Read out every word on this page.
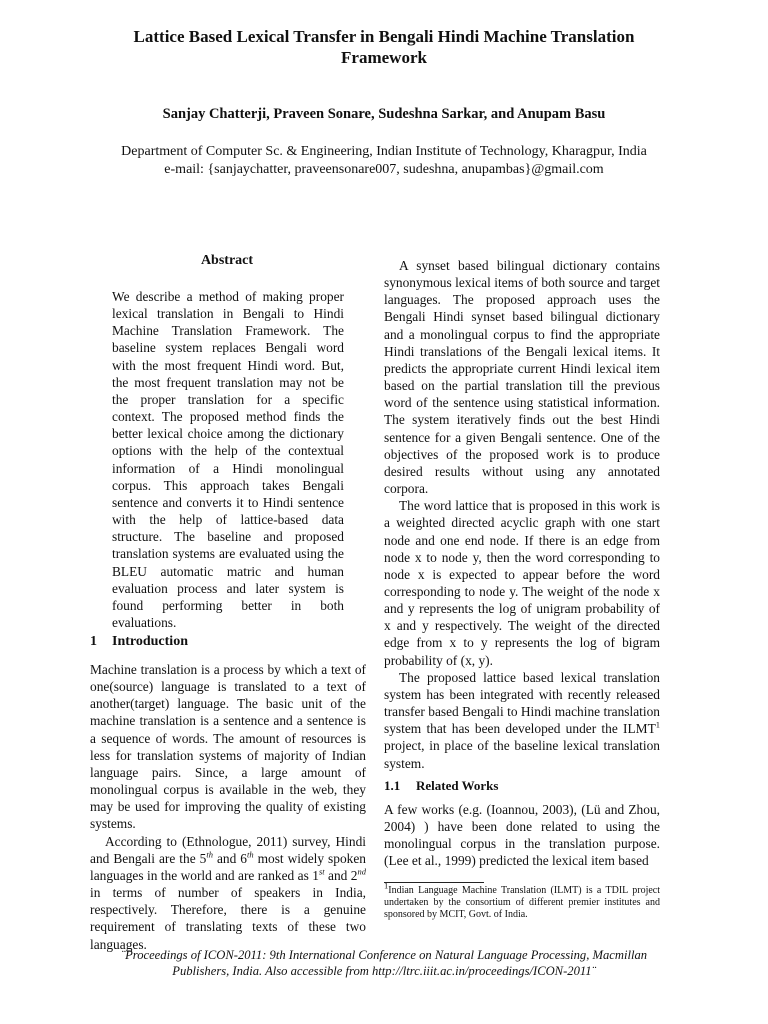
Lattice Based Lexical Transfer in Bengali Hindi Machine Translation
Framework
Sanjay Chatterji, Praveen Sonare, Sudeshna Sarkar, and Anupam Basu
Department of Computer Sc. & Engineering, Indian Institute of Technology, Kharagpur, India
e-mail: {sanjaychatter, praveensonare007, sudeshna, anupambas}@gmail.com
Abstract
We describe a method of making proper lexical translation in Bengali to Hindi Machine Translation Framework. The baseline system replaces Bengali word with the most frequent Hindi word. But, the most frequent translation may not be the proper translation for a specific context. The proposed method finds the better lexical choice among the dictionary options with the help of the contextual information of a Hindi monolingual corpus. This approach takes Bengali sentence and converts it to Hindi sentence with the help of lattice-based data structure. The baseline and proposed translation systems are evaluated using the BLEU automatic matric and human evaluation process and later system is found performing better in both evaluations.
1 Introduction

Machine translation is a process by which a text of one(source) language is translated to a text of another(target) language. The basic unit of the machine translation is a sentence and a sentence is a sequence of words. The amount of resources is less for translation systems of majority of Indian language pairs. Since, a large amount of monolingual corpus is available in the web, they may be used for improving the quality of existing systems.

According to (Ethnologue, 2011) survey, Hindi and Bengali are the 5th and 6th most widely spoken languages in the world and are ranked as 1st and 2nd in terms of number of speakers in India, respectively. Therefore, there is a genuine requirement of translating texts of these two languages.

A synset based bilingual dictionary contains synonymous lexical items of both source and target languages. The proposed approach uses the Bengali Hindi synset based bilingual dictionary and a monolingual corpus to find the appropriate Hindi translations of the Bengali lexical items. It predicts the appropriate current Hindi lexical item based on the partial translation till the previous word of the sentence using statistical information. The system iteratively finds out the best Hindi sentence for a given Bengali sentence. One of the objectives of the proposed work is to produce desired results without using any annotated corpora.

The word lattice that is proposed in this work is a weighted directed acyclic graph with one start node and one end node. If there is an edge from node x to node y, then the word corresponding to node x is expected to appear before the word corresponding to node y. The weight of the node x and y represents the log of unigram probability of x and y respectively. The weight of the directed edge from x to y represents the log of bigram probability of (x, y).

The proposed lattice based lexical translation system has been integrated with recently released transfer based Bengali to Hindi machine translation system that has been developed under the ILMT$^1$ project, in place of the baseline lexical translation system.

1.1 Related Works

A few works (e.g. (Ioannou, 2003), (Lü and Zhou, 2004) ) have been done related to using the monolingual corpus in the translation purpose. (Lee et al., 1999) predicted the lexical item based

$^1$Indian Language Machine Translation (ILMT) is a TDIL project undertaken by the consortium of different premier institutes and sponsored by MCIT, Govt. of India.
¨Proceedings of ICON-2011: 9th International Conference on Natural Language Processing, Macmillan
Publishers, India. Also accessible from http://ltrc.iiit.ac.in/proceedings/ICON-2011¨
